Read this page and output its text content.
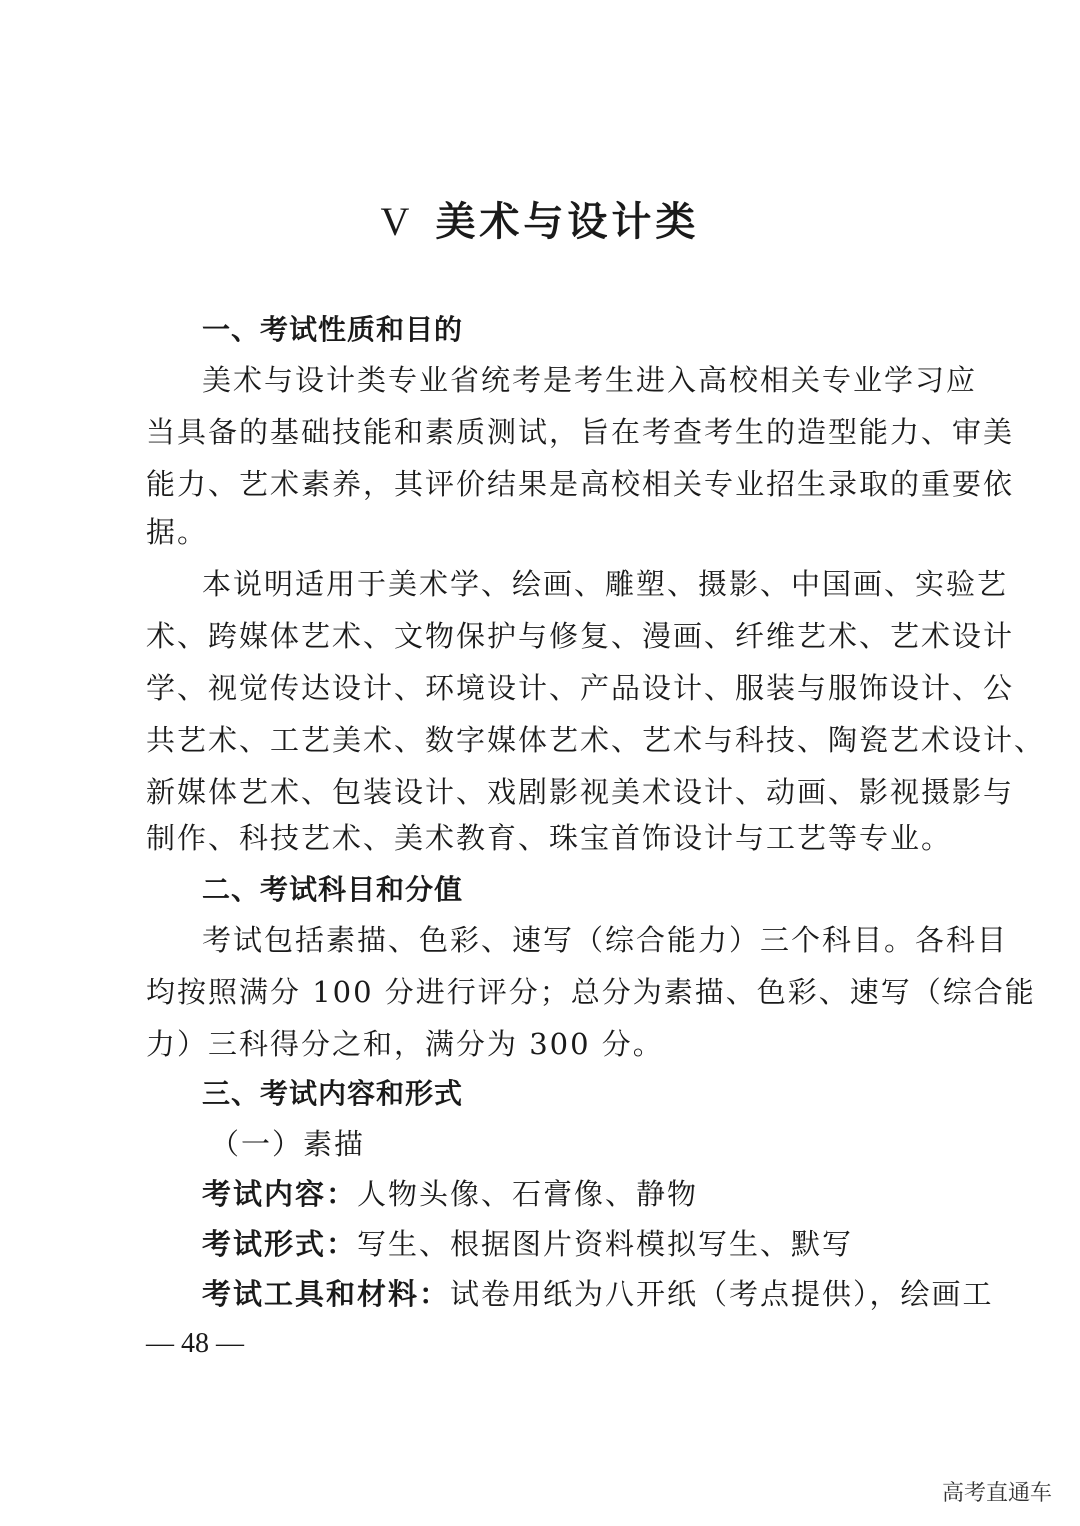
V 美术与设计类
一、考试性质和目的
美术与设计类专业省统考是考生进入高校相关专业学习应
当具备的基础技能和素质测试，旨在考查考生的造型能力、审美
能力、艺术素养，其评价结果是高校相关专业招生录取的重要依
据。
本说明适用于美术学、绘画、雕塑、摄影、中国画、实验艺
术、跨媒体艺术、文物保护与修复、漫画、纤维艺术、艺术设计
学、视觉传达设计、环境设计、产品设计、服装与服饰设计、公
共艺术、工艺美术、数字媒体艺术、艺术与科技、陶瓷艺术设计、
新媒体艺术、包装设计、戏剧影视美术设计、动画、影视摄影与
制作、科技艺术、美术教育、珠宝首饰设计与工艺等专业。
二、考试科目和分值
考试包括素描、色彩、速写（综合能力）三个科目。各科目
均按照满分 100 分进行评分；总分为素描、色彩、速写（综合能
力）三科得分之和，满分为 300 分。
三、考试内容和形式
（一）素描
考试内容：人物头像、石膏像、静物
考试形式：写生、根据图片资料模拟写生、默写
考试工具和材料：试卷用纸为八开纸（考点提供），绘画工
— 48 —
高考直通车
